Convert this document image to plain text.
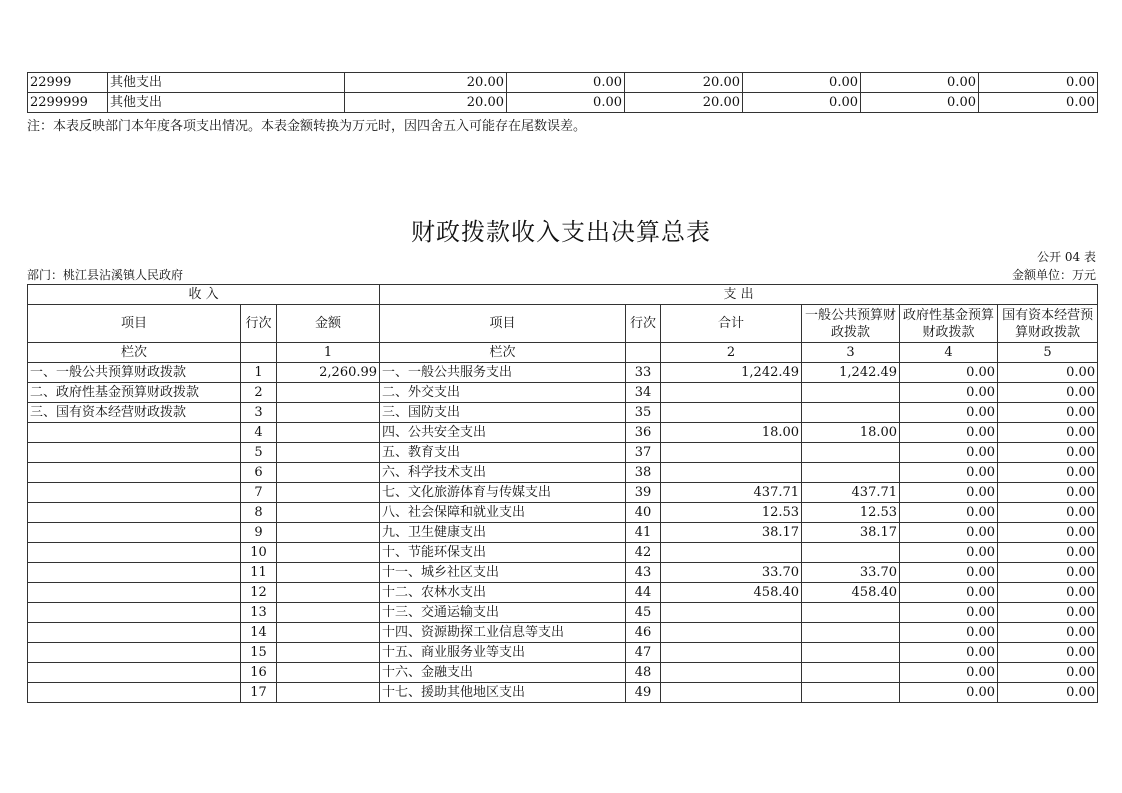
22999	其他支出	20.00	0.00	20.00	0.00	0.00	0.00
2299999	其他支出	20.00	0.00	20.00	0.00	0.00	0.00
注：本表反映部门本年度各项支出情况。本表金额转换为万元时，因四舍五入可能存在尾数误差。
财政拨款收入支出决算总表
公开 04 表
部门：桃江县沾溪镇人民政府	金额单位：万元
收 入			支 出					
项目	行次	金额	项目	行次	合计	一般公共预算财政拨款	政府性基金预算财政拨款	国有资本经营预算财政拨款
栏次		1	栏次		2	3	4	5
一、一般公共预算财政拨款	1	2,260.99	一、一般公共服务支出	33	1,242.49	1,242.49	0.00	0.00
二、政府性基金预算财政拨款	2		二、外交支出	34			0.00	0.00
三、国有资本经营财政拨款	3		三、国防支出	35			0.00	0.00
	4		四、公共安全支出	36	18.00	18.00	0.00	0.00
	5		五、教育支出	37			0.00	0.00
	6		六、科学技术支出	38			0.00	0.00
	7		七、文化旅游体育与传媒支出	39	437.71	437.71	0.00	0.00
	8		八、社会保障和就业支出	40	12.53	12.53	0.00	0.00
	9		九、卫生健康支出	41	38.17	38.17	0.00	0.00
	10		十、节能环保支出	42			0.00	0.00
	11		十一、城乡社区支出	43	33.70	33.70	0.00	0.00
	12		十二、农林水支出	44	458.40	458.40	0.00	0.00
	13		十三、交通运输支出	45			0.00	0.00
	14		十四、资源勘探工业信息等支出	46			0.00	0.00
	15		十五、商业服务业等支出	47			0.00	0.00
	16		十六、金融支出	48			0.00	0.00
	17		十七、援助其他地区支出	49			0.00	0.00
